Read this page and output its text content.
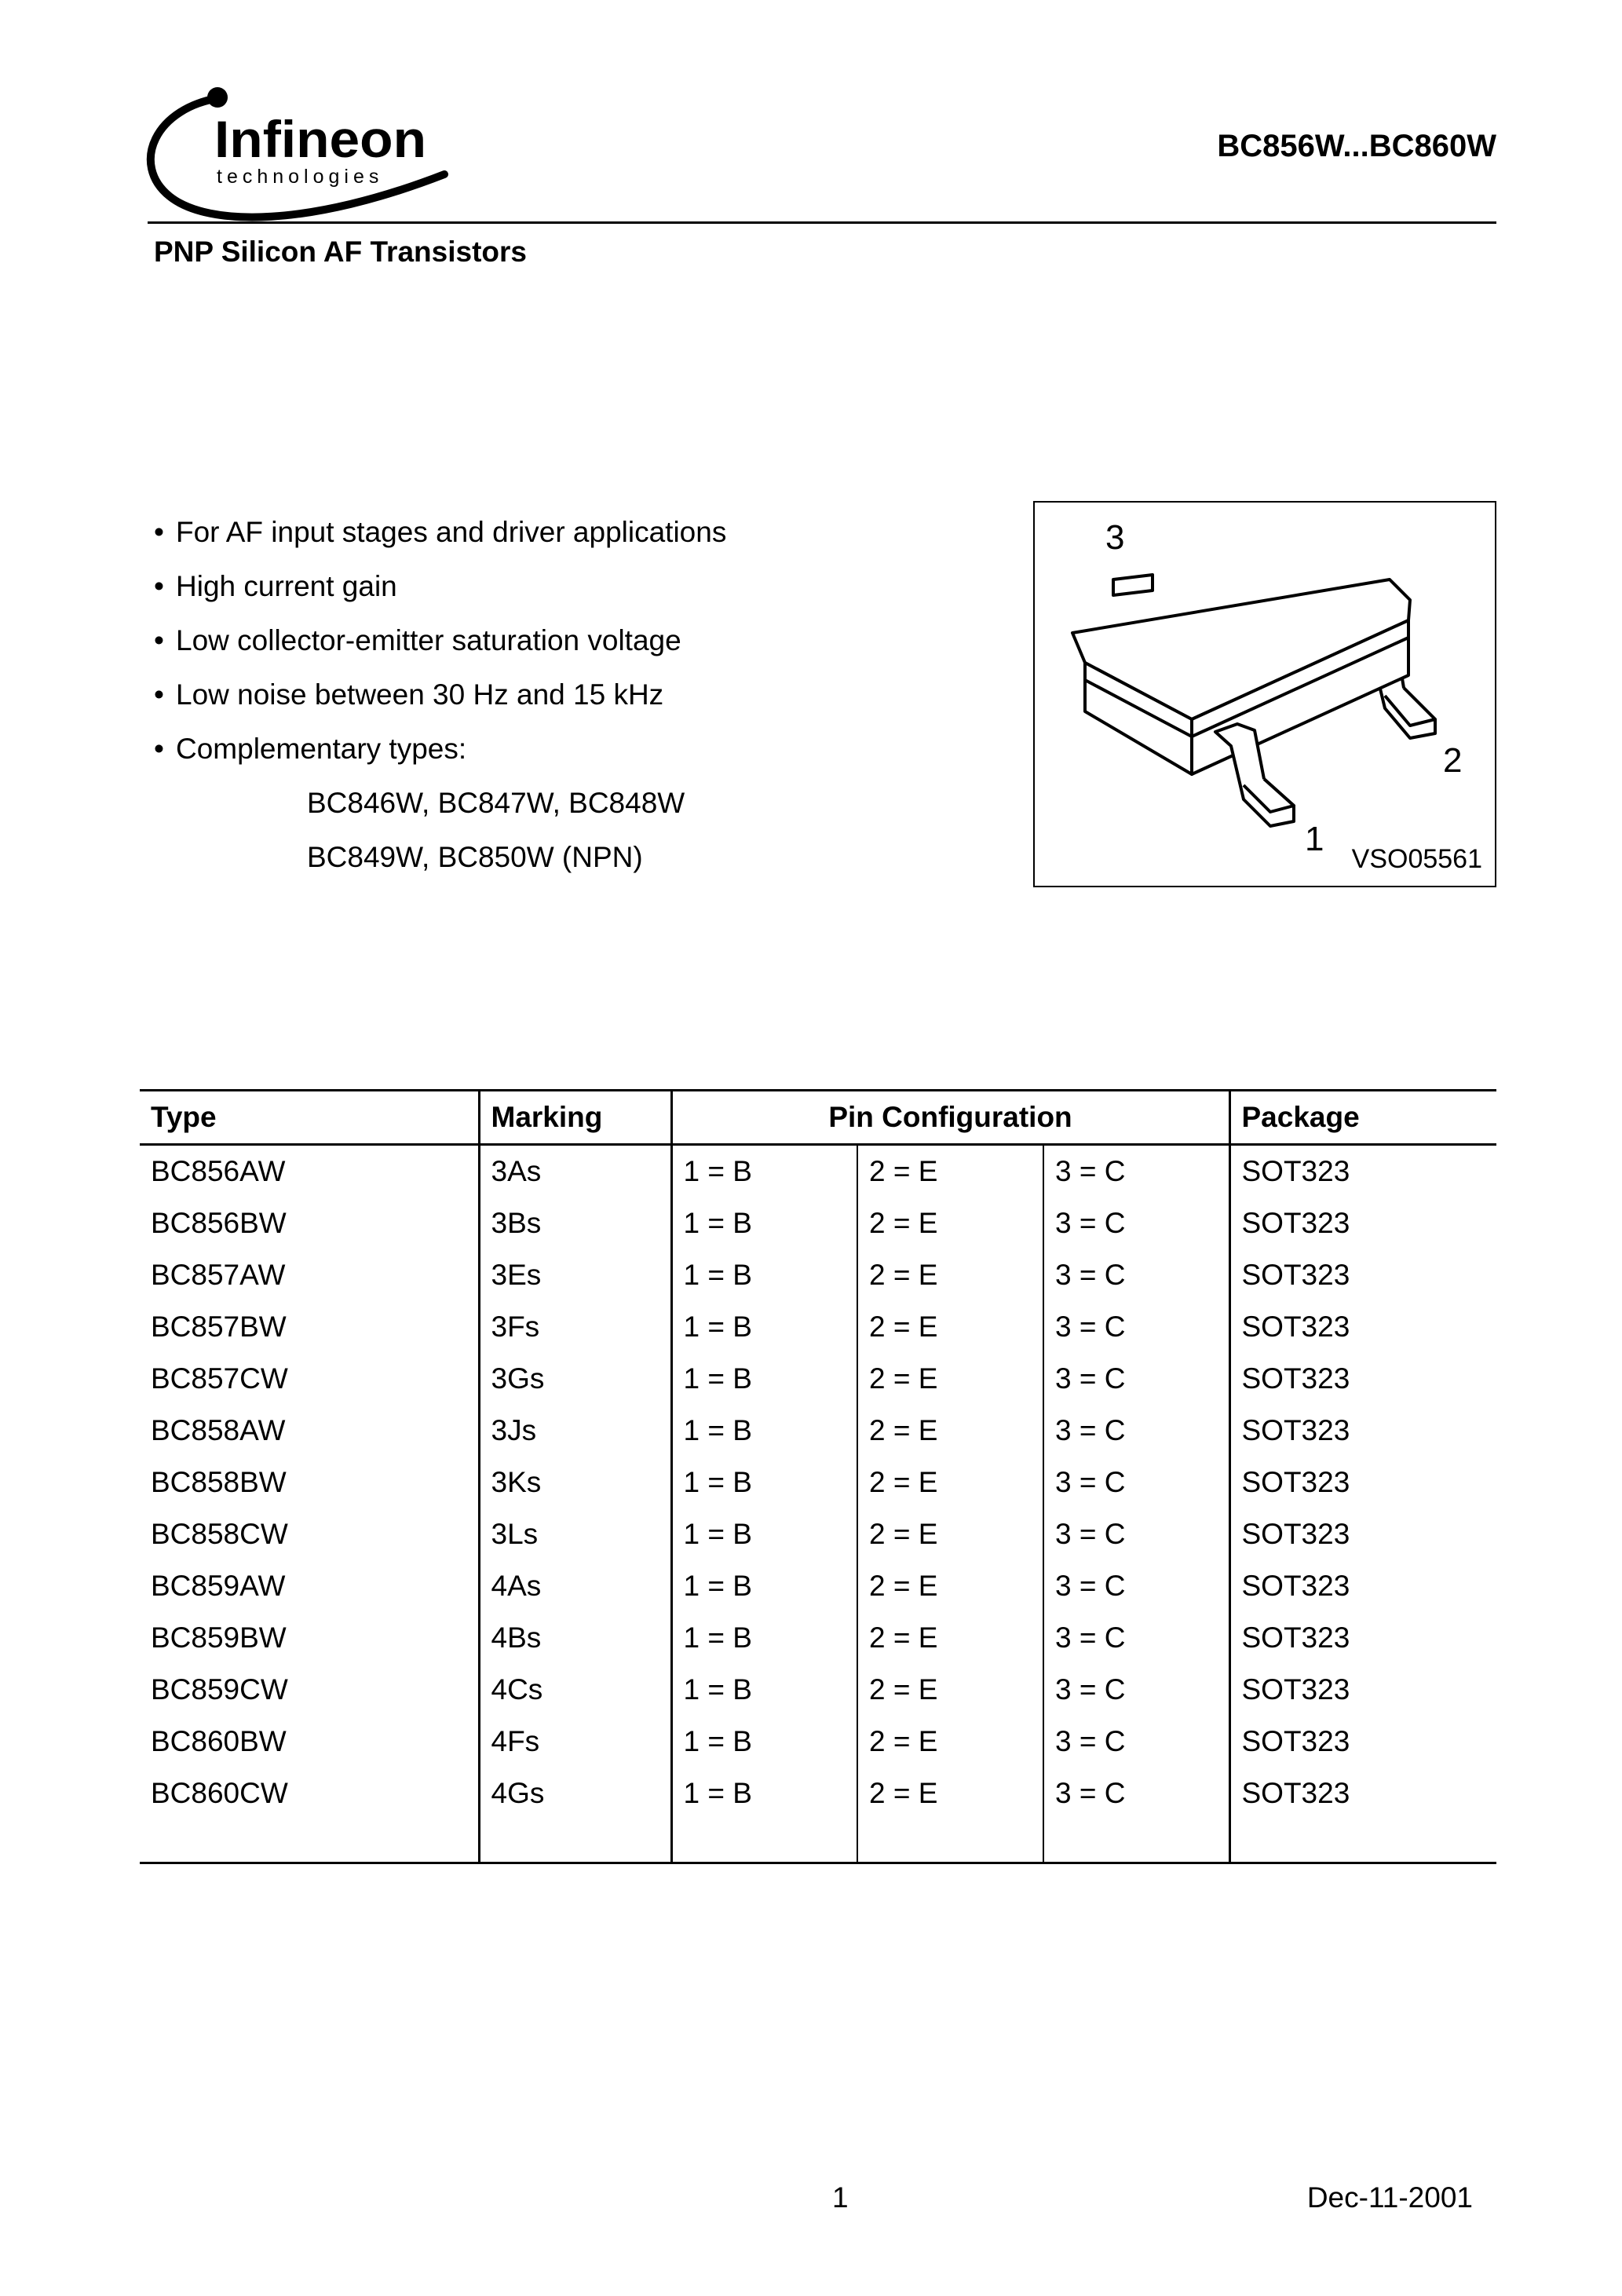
Infineon
technologies
BC856W...BC860W
PNP Silicon AF Transistors
• For AF input stages and driver applications
• High current gain
• Low collector-emitter saturation voltage
• Low noise between 30 Hz and 15 kHz
• Complementary types:
BC846W, BC847W, BC848W
BC849W, BC850W (NPN)
3
2
1
VSO05561
Type	Marking	Pin Configuration			Package
BC856AW	3As	1 = B	2 = E	3 = C	SOT323
BC856BW	3Bs	1 = B	2 = E	3 = C	SOT323
BC857AW	3Es	1 = B	2 = E	3 = C	SOT323
BC857BW	3Fs	1 = B	2 = E	3 = C	SOT323
BC857CW	3Gs	1 = B	2 = E	3 = C	SOT323
BC858AW	3Js	1 = B	2 = E	3 = C	SOT323
BC858BW	3Ks	1 = B	2 = E	3 = C	SOT323
BC858CW	3Ls	1 = B	2 = E	3 = C	SOT323
BC859AW	4As	1 = B	2 = E	3 = C	SOT323
BC859BW	4Bs	1 = B	2 = E	3 = C	SOT323
BC859CW	4Cs	1 = B	2 = E	3 = C	SOT323
BC860BW	4Fs	1 = B	2 = E	3 = C	SOT323
BC860CW	4Gs	1 = B	2 = E	3 = C	SOT323

1	Dec-11-2001
